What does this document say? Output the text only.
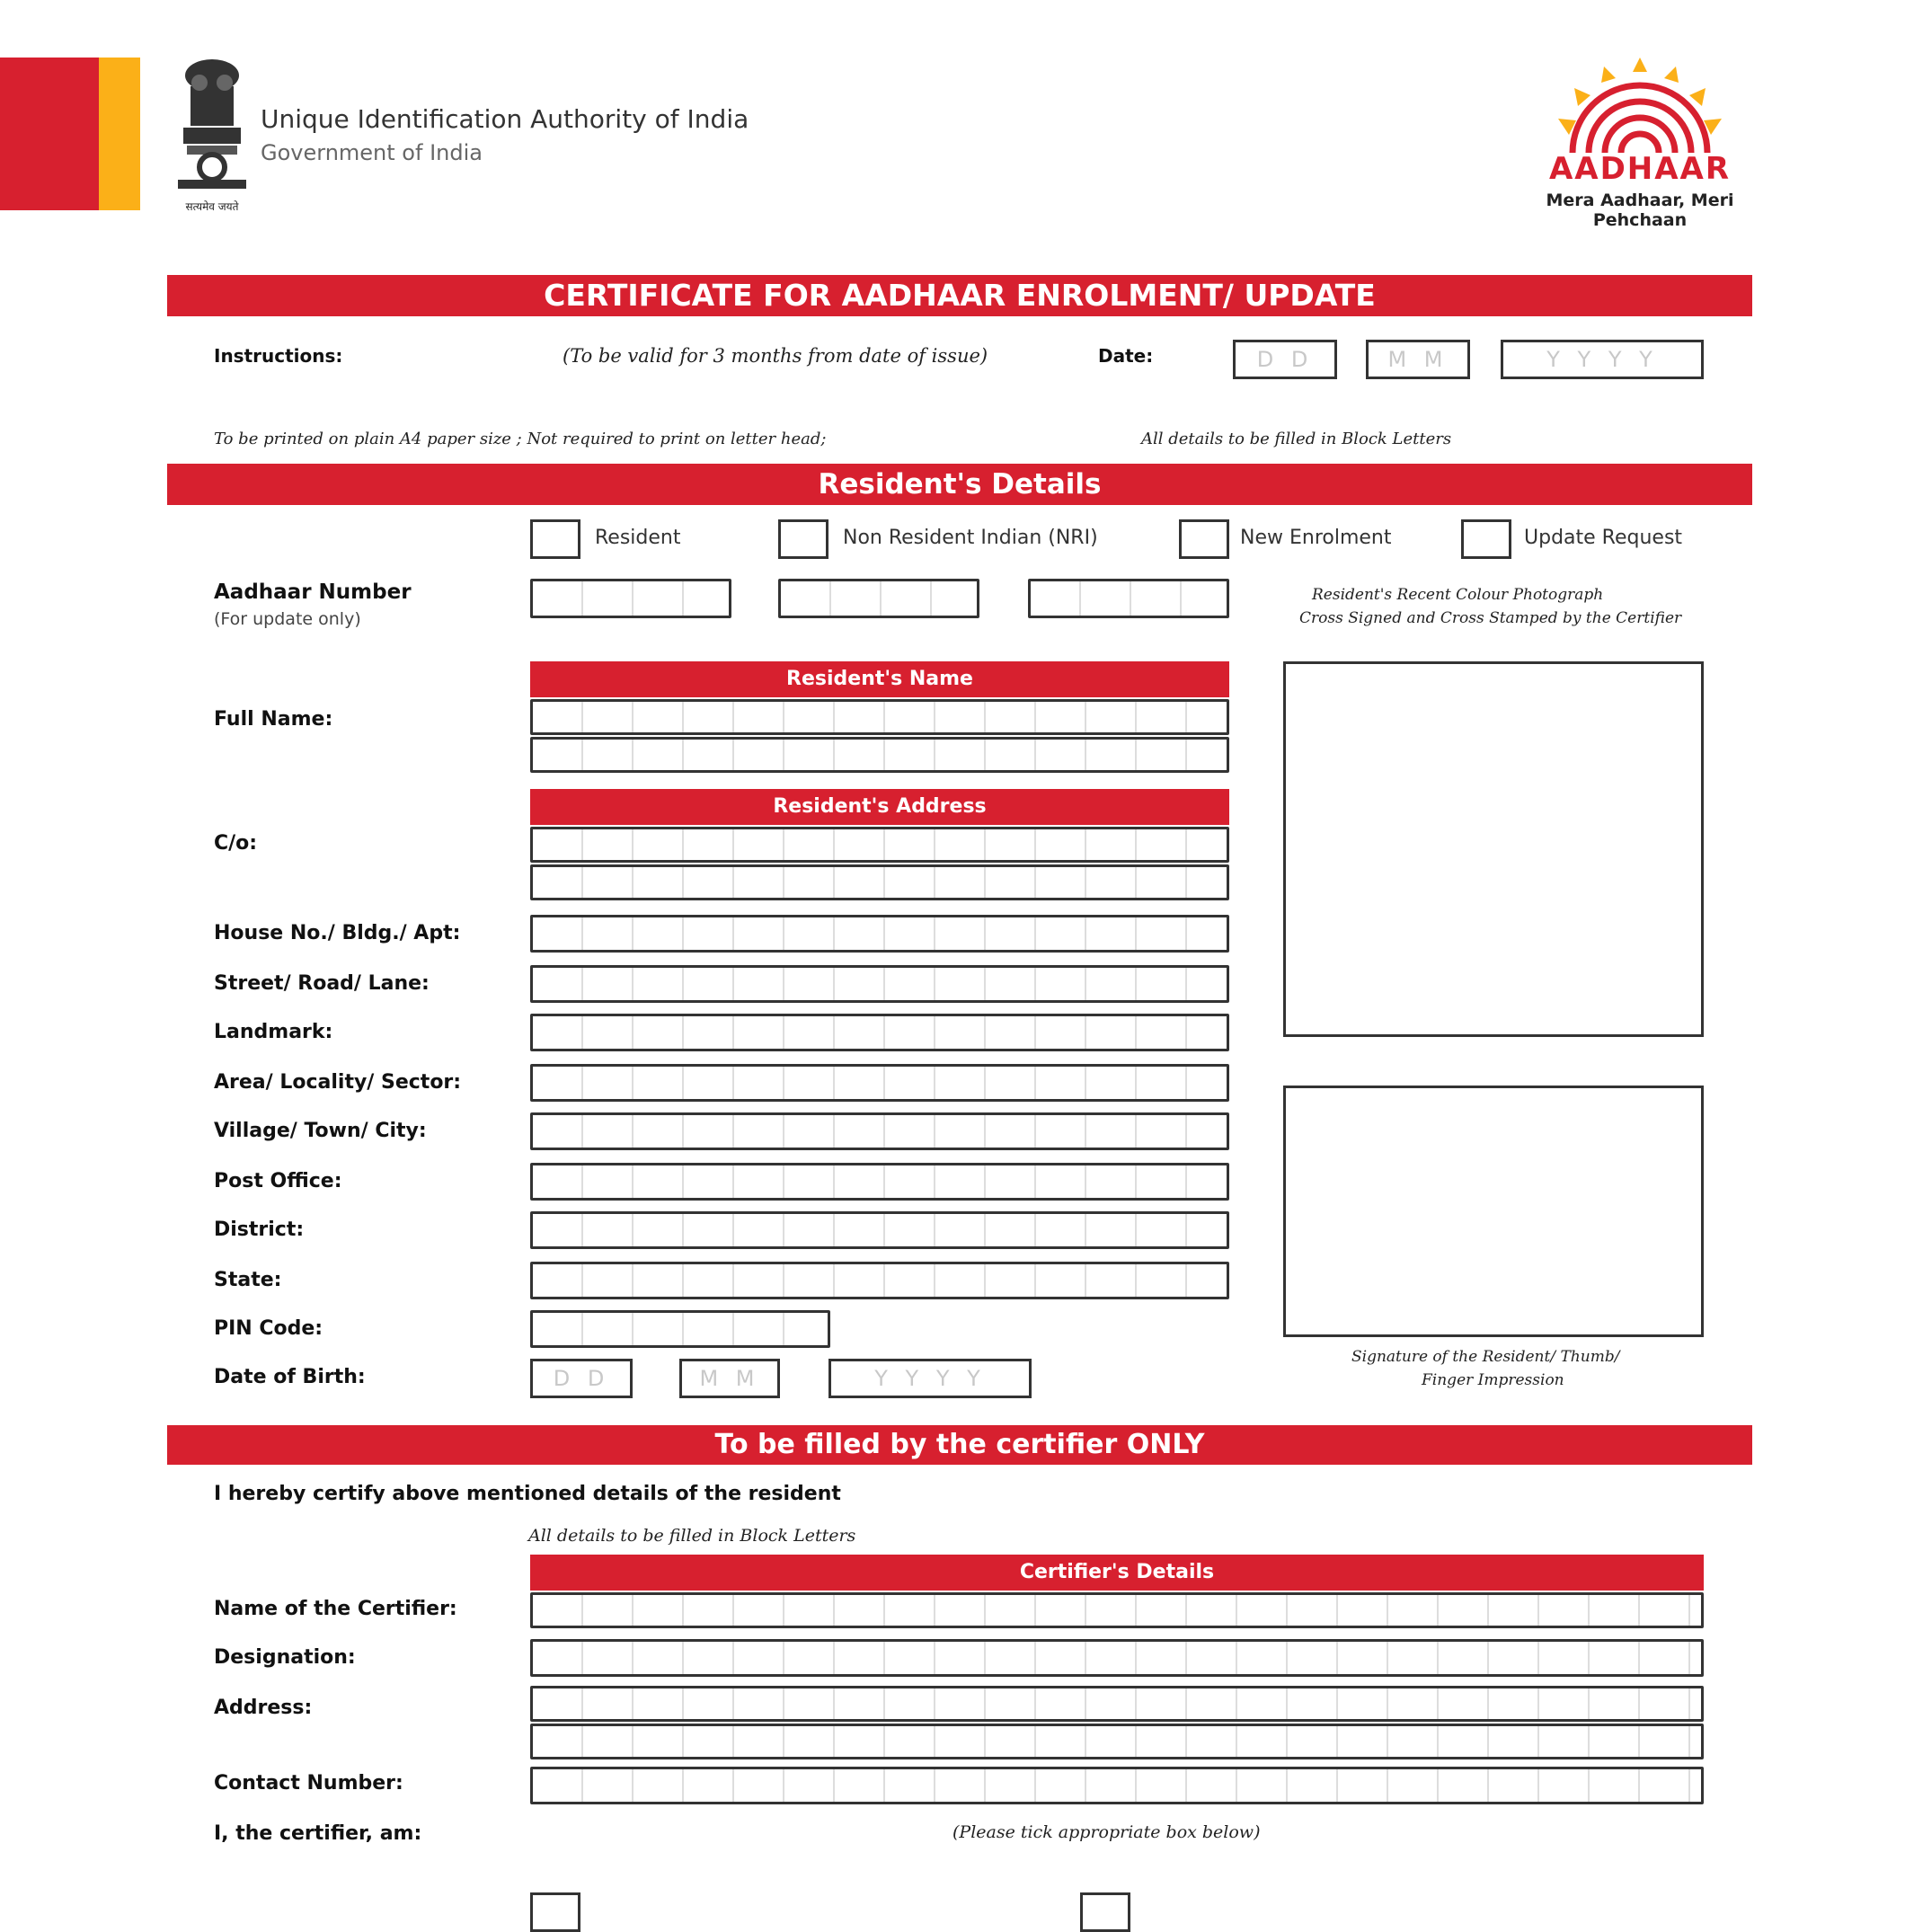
सत्यमेव जयते
Unique Identification Authority of India
Government of India	AADHAAR
Mera Aadhaar, Meri Pehchaan
CERTIFICATE FOR AADHAAR ENROLMENT/ UPDATE
Instructions:	(To be valid for 3 months from date of issue)	Date:	D D	M M	Y Y Y Y
To be printed on plain A4 paper size ; Not required to print on letter head;	All details to be filled in Block Letters
Resident's Details
Resident	Non Resident Indian (NRI)	New Enrolment	Update Request
Aadhaar Number
(For update only)
Resident's Recent Colour Photograph
Cross Signed and Cross Stamped by the Certifier
Signature of the Resident/ Thumb/
Finger Impression
Resident's Name
Full Name:
Resident's Address
C/o:
House No./ Bldg./ Apt:
Street/ Road/ Lane:
Landmark:
Area/ Locality/ Sector:
Village/ Town/ City:
Post Office:
District:
State:
PIN Code:
Date of Birth:	D D	M M	Y Y Y Y
To be filled by the certifier ONLY
I hereby certify above mentioned details of the resident
All details to be filled in Block Letters
Certifier's Details
Name of the Certifier:
Designation:
Address:
Contact Number:
I, the certifier, am:	(Please tick appropriate box below)
